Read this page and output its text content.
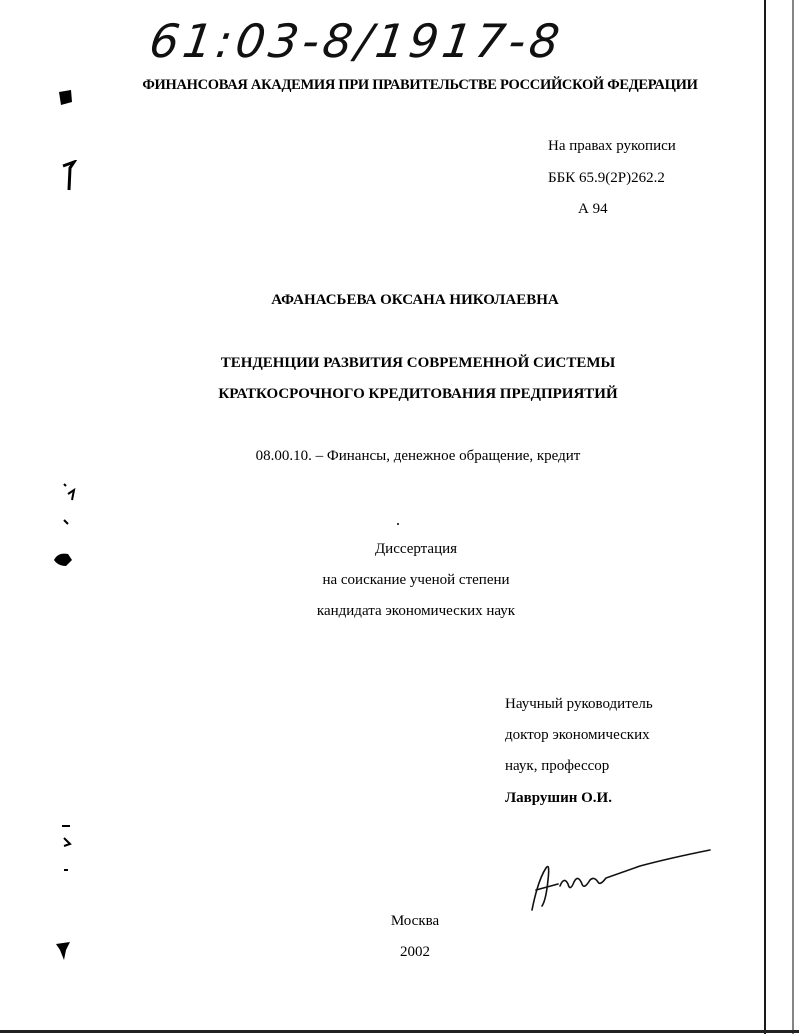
61:03-8/1917-8
ФИНАНСОВАЯ АКАДЕМИЯ ПРИ ПРАВИТЕЛЬСТВЕ РОССИЙСКОЙ ФЕДЕРАЦИИ
На правах рукописи
ББК 65.9(2Р)262.2
А 94
АФАНАСЬЕВА ОКСАНА НИКОЛАЕВНА
ТЕНДЕНЦИИ РАЗВИТИЯ СОВРЕМЕННОЙ СИСТЕМЫ
КРАТКОСРОЧНОГО КРЕДИТОВАНИЯ ПРЕДПРИЯТИЙ
08.00.10. – Финансы, денежное обращение, кредит
Диссертация
на соискание ученой степени
кандидата экономических наук
Научный руководитель
доктор экономических
наук, профессор
Лаврушин О.И.
Москва
2002
